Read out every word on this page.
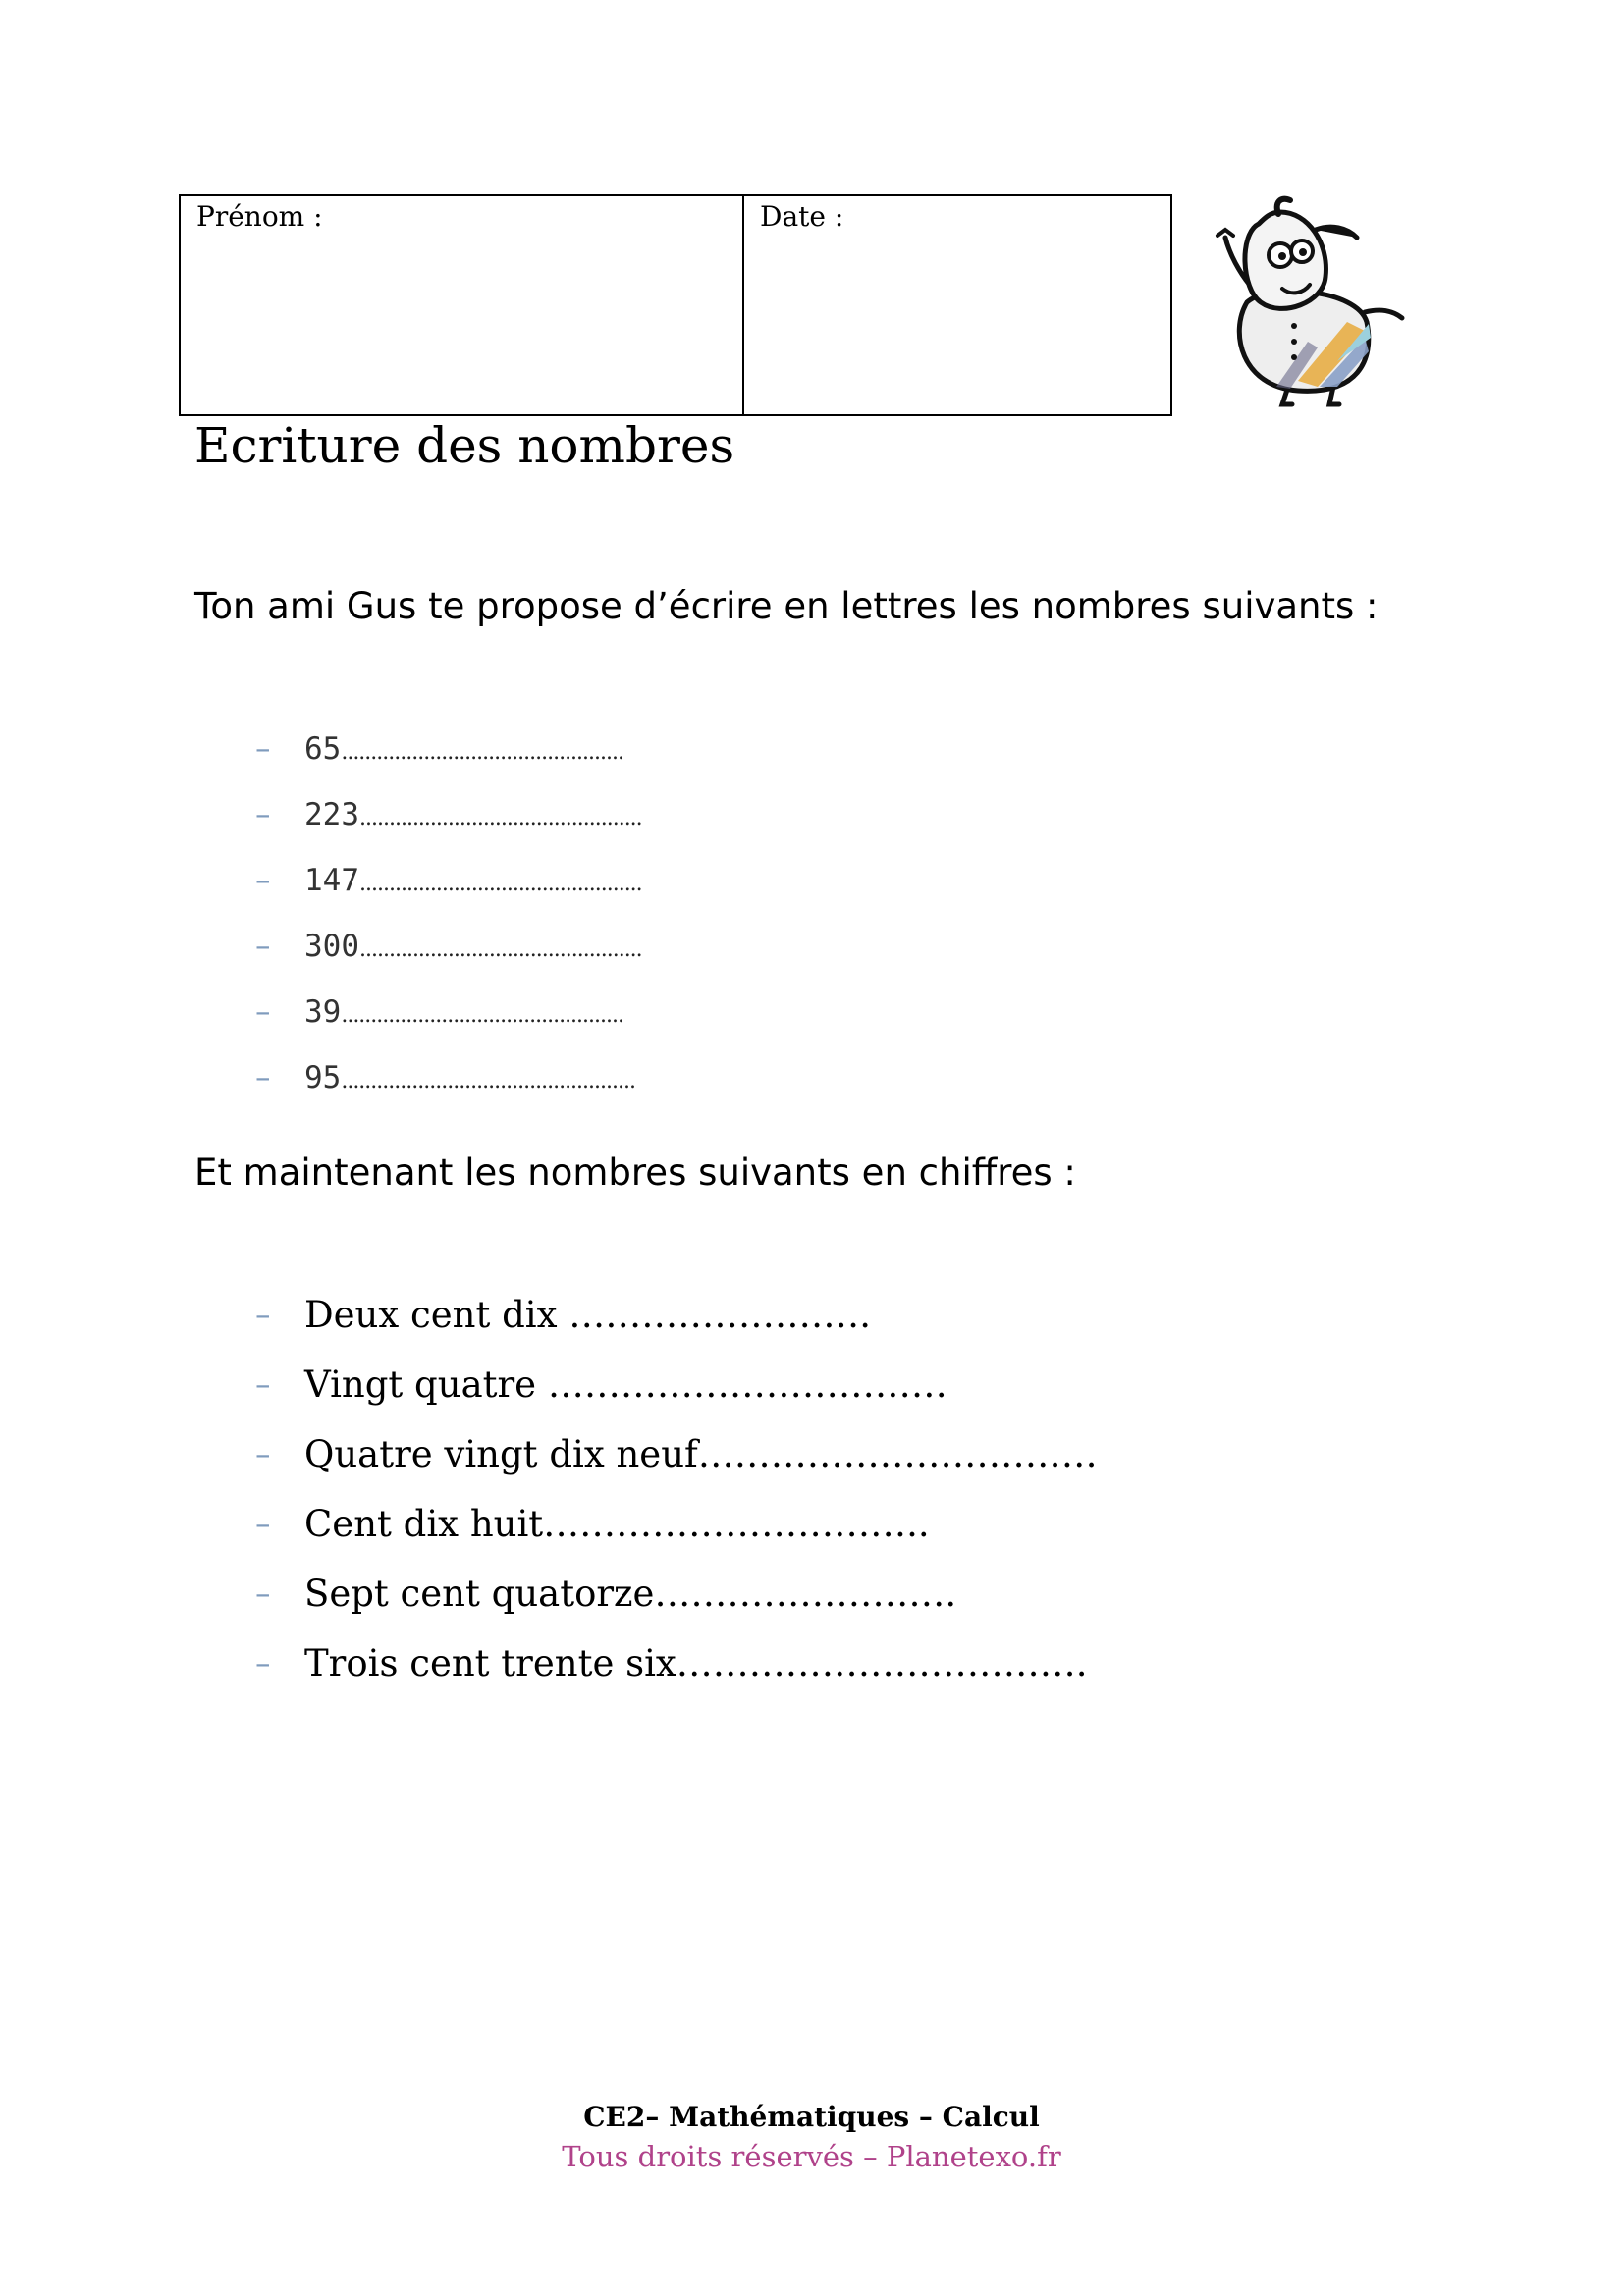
Prénom :	Date :
Ecriture des nombres

Ton ami Gus te propose d’écrire en lettres les nombres suivants :

– 65................................................
– 223................................................
– 147................................................
– 300................................................
– 39................................................
– 95..................................................

Et maintenant les nombres suivants en chiffres :

– Deux cent dix …………………….
– Vingt quatre ……………………………
– Quatre vingt dix neuf……………………………
– Cent dix huit…………………………..
– Sept cent quatorze…………………….
– Trois cent trente six…………………………….
CE2– Mathématiques – Calcul
Tous droits réservés – Planetexo.fr
